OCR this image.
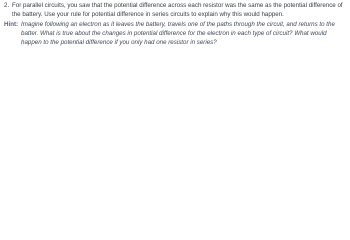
2. For parallel circuits, you saw that the potential difference across each resistor was the same as the potential difference of the battery. Use your rule for potential difference in series circuits to explain why this would happen.
Hint: Imagine following an electron as it leaves the battery, travels one of the paths through the circuit, and returns to the batter. What is true about the changes in potential difference for the electron in each type of circuit? What would happen to the potential difference if you only had one resistor in series?
